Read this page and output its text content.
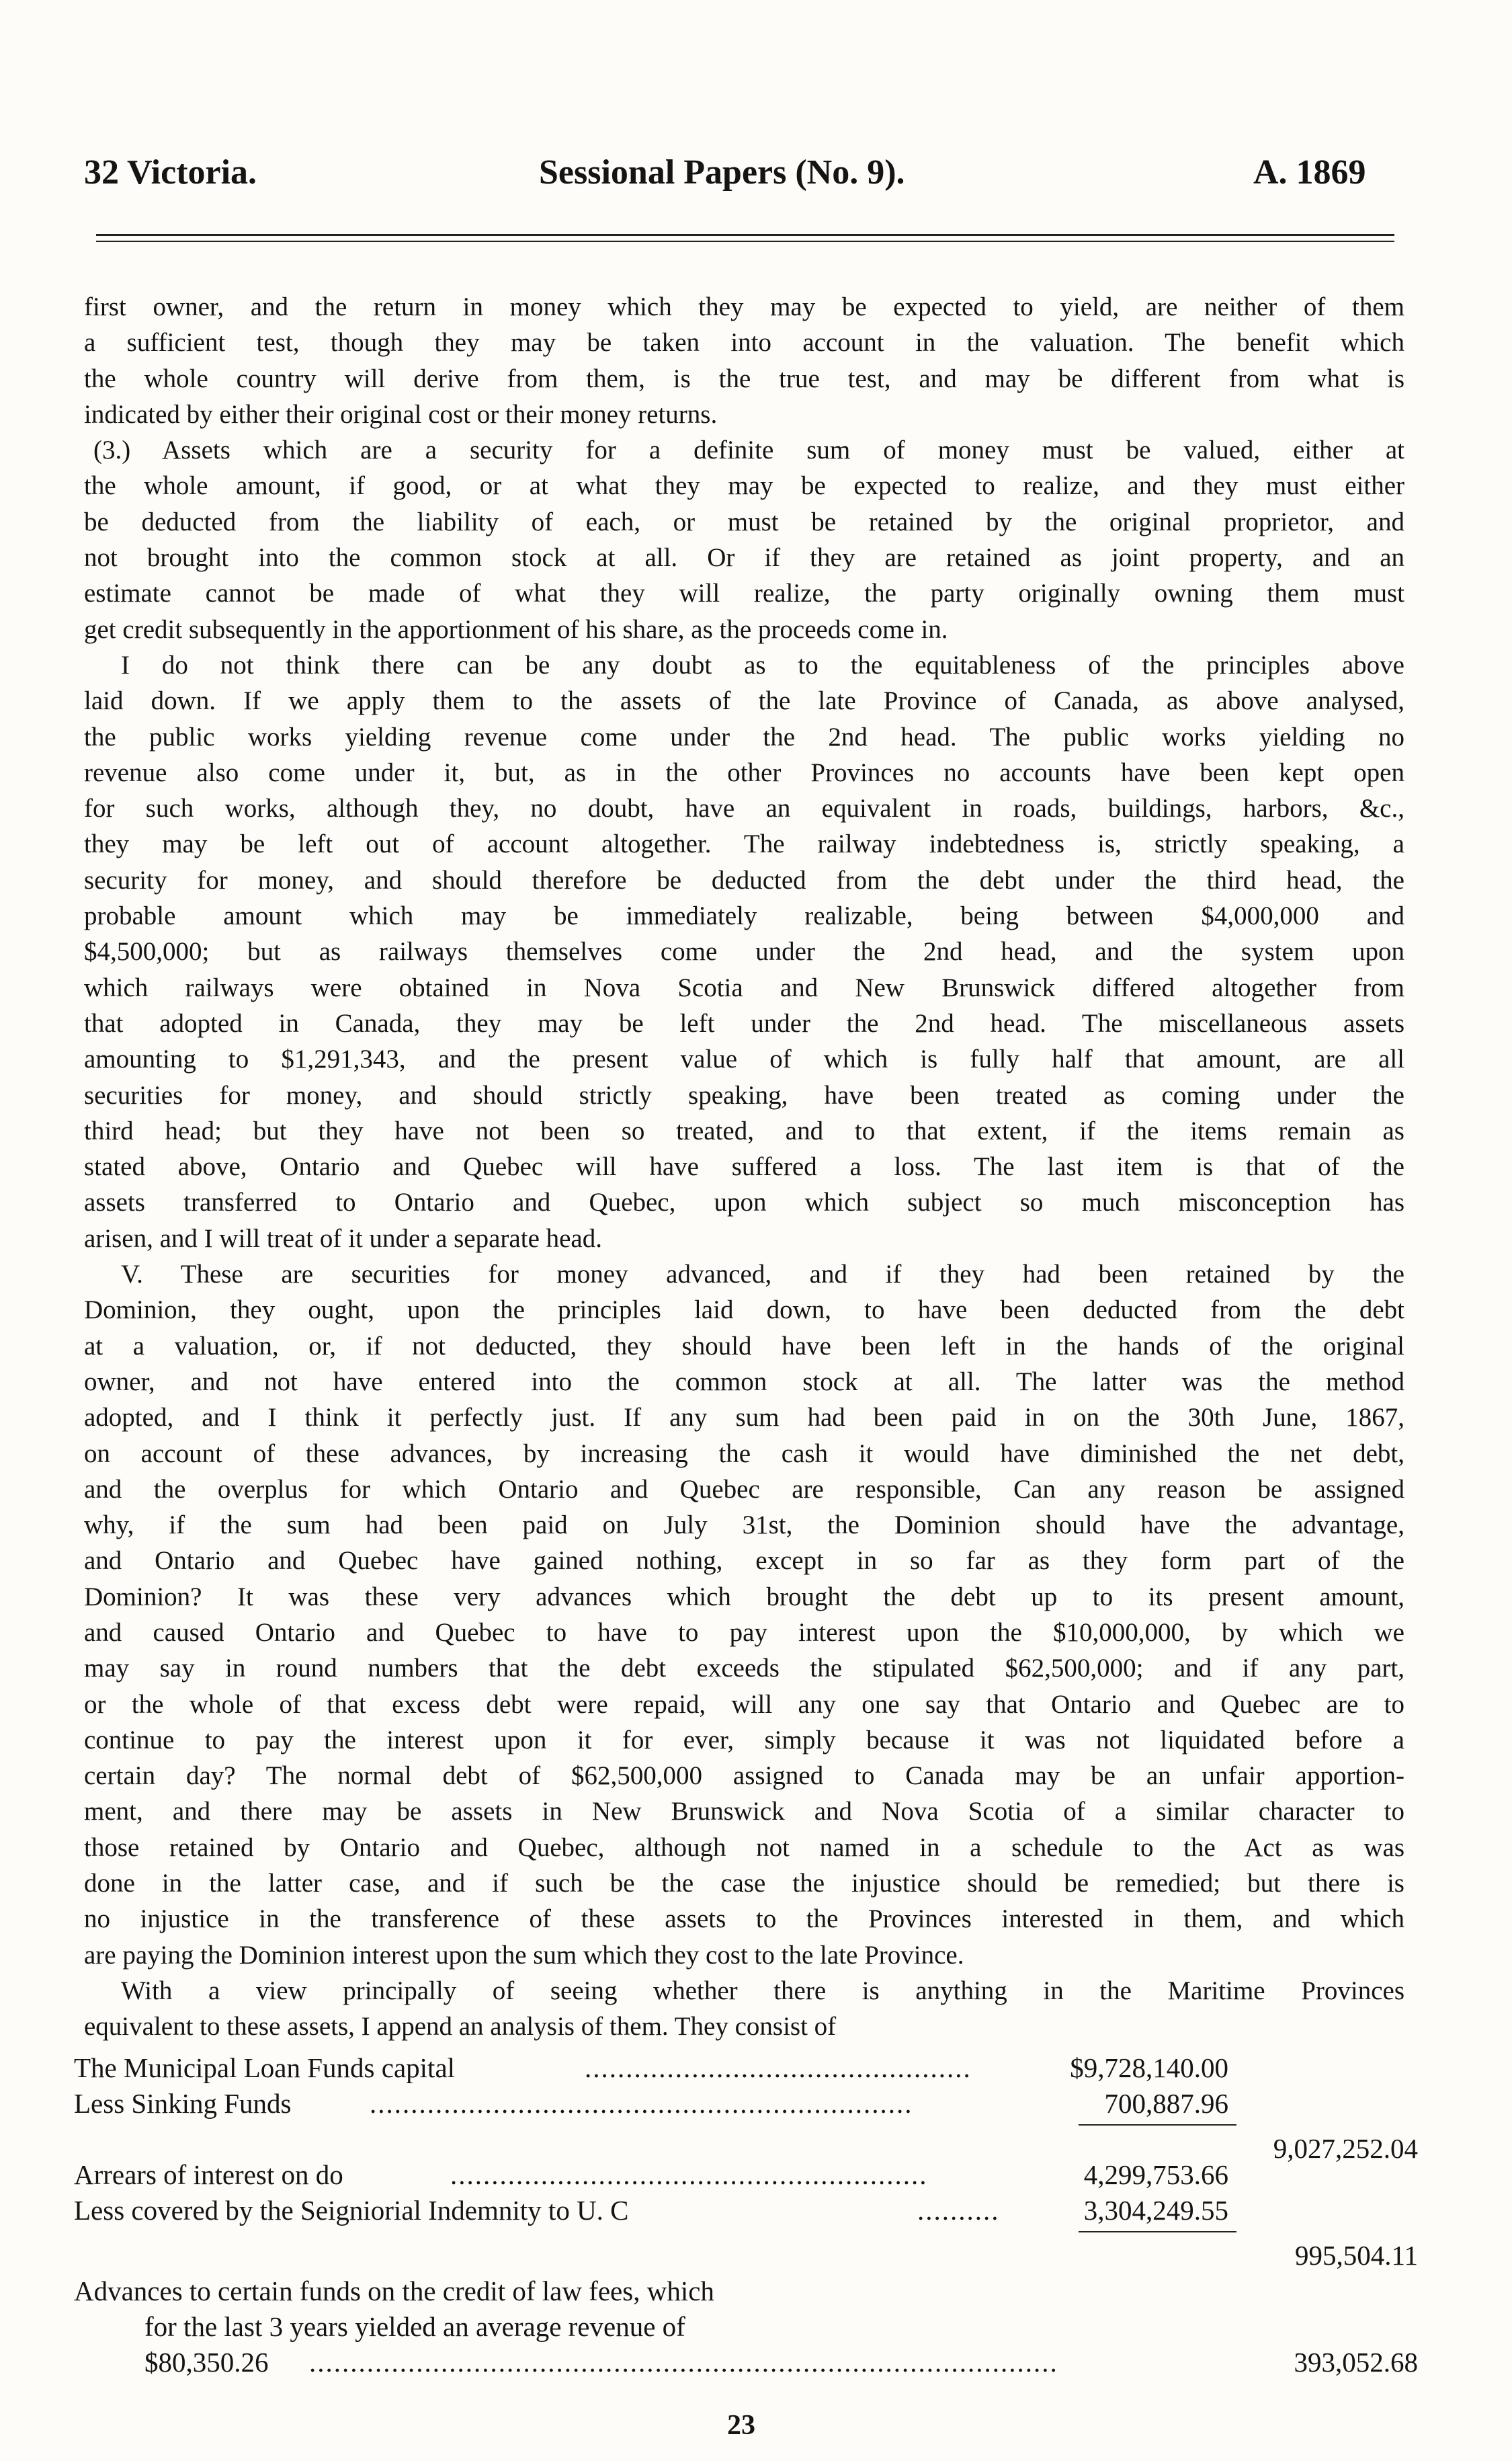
32 Victoria.	Sessional Papers (No. 9).	A. 1869
first owner, and the return in money which they may be expected to yield, are neither of them
a sufficient test, though they may be taken into account in the valuation. The benefit which
the whole country will derive from them, is the true test, and may be different from what is
indicated by either their original cost or their money returns.
(3.) Assets which are a security for a definite sum of money must be valued, either at
the whole amount, if good, or at what they may be expected to realize, and they must either
be deducted from the liability of each, or must be retained by the original proprietor, and
not brought into the common stock at all. Or if they are retained as joint property, and an
estimate cannot be made of what they will realize, the party originally owning them must
get credit subsequently in the apportionment of his share, as the proceeds come in.
I do not think there can be any doubt as to the equitableness of the principles above
laid down. If we apply them to the assets of the late Province of Canada, as above analysed,
the public works yielding revenue come under the 2nd head. The public works yielding no
revenue also come under it, but, as in the other Provinces no accounts have been kept open
for such works, although they, no doubt, have an equivalent in roads, buildings, harbors, &c.,
they may be left out of account altogether. The railway indebtedness is, strictly speaking, a
security for money, and should therefore be deducted from the debt under the third head, the
probable amount which may be immediately realizable, being between $4,000,000 and
$4,500,000; but as railways themselves come under the 2nd head, and the system upon
which railways were obtained in Nova Scotia and New Brunswick differed altogether from
that adopted in Canada, they may be left under the 2nd head. The miscellaneous assets
amounting to $1,291,343, and the present value of which is fully half that amount, are all
securities for money, and should strictly speaking, have been treated as coming under the
third head; but they have not been so treated, and to that extent, if the items remain as
stated above, Ontario and Quebec will have suffered a loss. The last item is that of the
assets transferred to Ontario and Quebec, upon which subject so much misconception has
arisen, and I will treat of it under a separate head.
V. These are securities for money advanced, and if they had been retained by the
Dominion, they ought, upon the principles laid down, to have been deducted from the debt
at a valuation, or, if not deducted, they should have been left in the hands of the original
owner, and not have entered into the common stock at all. The latter was the method
adopted, and I think it perfectly just. If any sum had been paid in on the 30th June, 1867,
on account of these advances, by increasing the cash it would have diminished the net debt,
and the overplus for which Ontario and Quebec are responsible, Can any reason be assigned
why, if the sum had been paid on July 31st, the Dominion should have the advantage,
and Ontario and Quebec have gained nothing, except in so far as they form part of the
Dominion? It was these very advances which brought the debt up to its present amount,
and caused Ontario and Quebec to have to pay interest upon the $10,000,000, by which we
may say in round numbers that the debt exceeds the stipulated $62,500,000; and if any part,
or the whole of that excess debt were repaid, will any one say that Ontario and Quebec are to
continue to pay the interest upon it for ever, simply because it was not liquidated before a
certain day? The normal debt of $62,500,000 assigned to Canada may be an unfair apportion-
ment, and there may be assets in New Brunswick and Nova Scotia of a similar character to
those retained by Ontario and Quebec, although not named in a schedule to the Act as was
done in the latter case, and if such be the case the injustice should be remedied; but there is
no injustice in the transference of these assets to the Provinces interested in them, and which
are paying the Dominion interest upon the sum which they cost to the late Province.
With a view principally of seeing whether there is anything in the Maritime Provinces
equivalent to these assets, I append an analysis of them. They consist of
The Municipal Loan Funds capital	...............................................	$9,728,140.00
Less Sinking Funds	..................................................................	700,887.96
9,027,252.04
Arrears of interest on do	..........................................................	4,299,753.66
Less covered by the Seigniorial Indemnity to U. C	..........	3,304,249.55
995,504.11
Advances to certain funds on the credit of law fees, which
for the last 3 years yielded an average revenue of
$80,350.26 ...........................................................................................	393,052.68
23
